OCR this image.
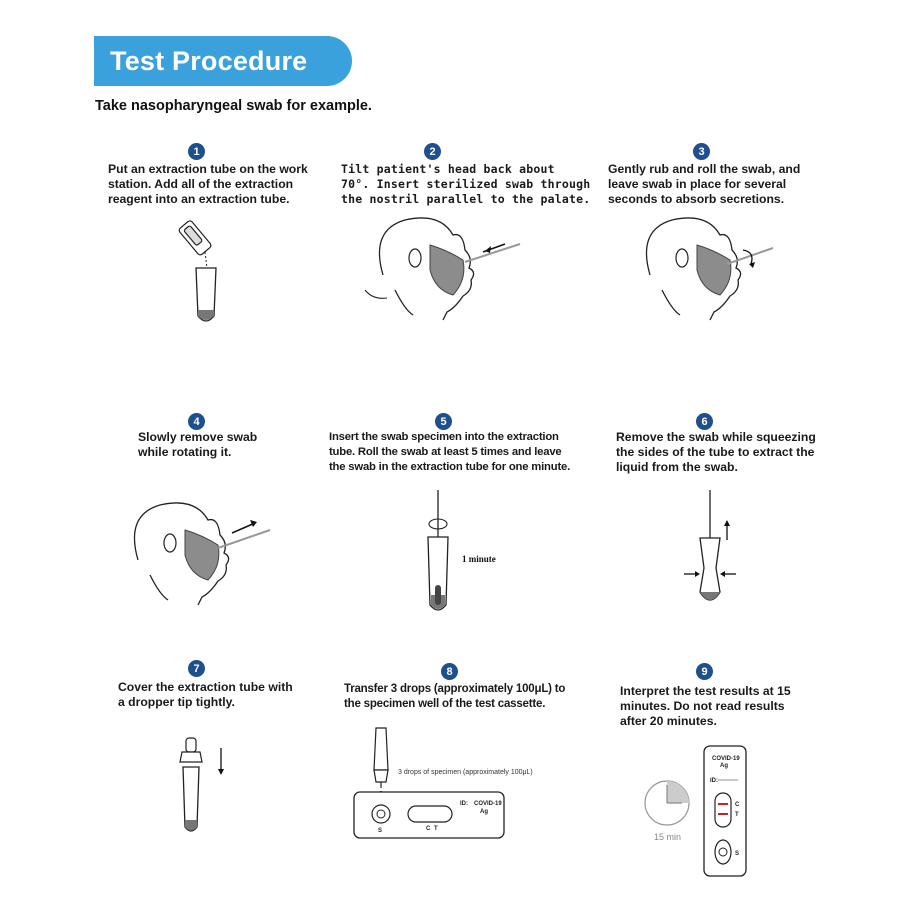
Test Procedure
Take nasopharyngeal swab for example.
1
Put an extraction tube on the work
station. Add all of the extraction
reagent into an extraction tube.
2
Tilt patient's head back about
70°. Insert sterilized swab through
the nostril parallel to the palate.
3
Gently rub and roll the swab, and
leave swab in place for several
seconds to absorb secretions.
4
Slowly remove swab
while rotating it.
5
Insert the swab specimen into the extraction
tube. Roll the swab at least 5 times and leave
the swab in the extraction tube for one minute.
1 minute
6
Remove the swab while squeezing
the sides of the tube to extract the
liquid from the swab.
7
Cover the extraction tube with
a dropper tip tightly.
8
Transfer 3 drops (approximately 100μL) to
the specimen well of the test cassette.
3 drops of specimen (approximately 100μL)
S	C T
ID: COVID-19
Ag
9
Interpret the test results at 15
minutes. Do not read results
after 20 minutes.
15 min
COVID-19
Ag
ID:
C
T
S
